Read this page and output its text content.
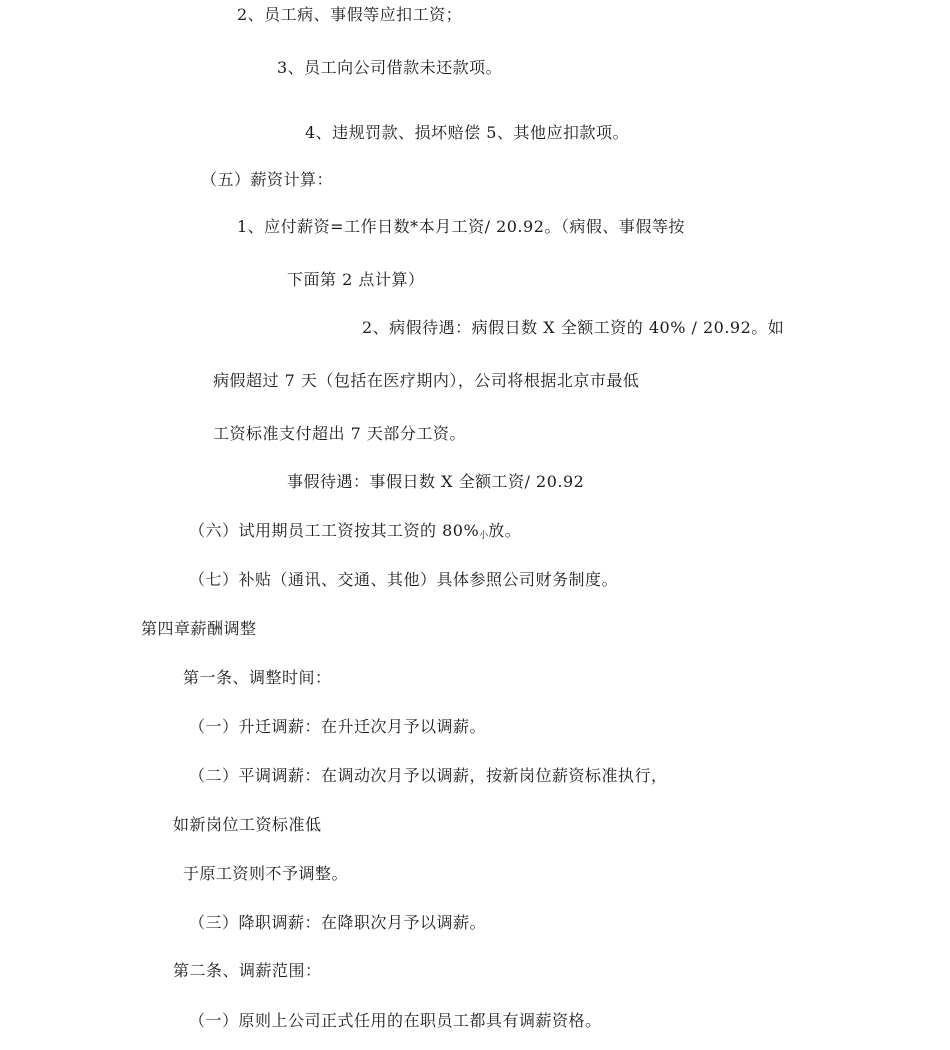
2、员工病、事假等应扣工资；
3、员工向公司借款未还款项。
4、违规罚款、损坏赔偿 5、其他应扣款项。
（五）薪资计算：
1、应付薪资=工作日数*本月工资/ 20.92。（病假、事假等按
下面第 2 点计算）
2、病假待遇：病假日数 X 全额工资的 40% / 20.92。如
病假超过 7 天（包括在医疗期内），公司将根据北京市最低
工资标准支付超出 7 天部分工资。
事假待遇：事假日数 X 全额工资/ 20.92
（六）试用期员工工资按其工资的 $80\%_小$放。
（七）补贴（通讯、交通、其他）具体参照公司财务制度。
第四章薪酬调整
第一条、调整时间：
（一）升迁调薪：在升迁次月予以调薪。
（二）平调调薪：在调动次月予以调薪，按新岗位薪资标准执行，
如新岗位工资标准低
于原工资则不予调整。
（三）降职调薪：在降职次月予以调薪。
第二条、调薪范围：
（一）原则上公司正式任用的在职员工都具有调薪资格。
